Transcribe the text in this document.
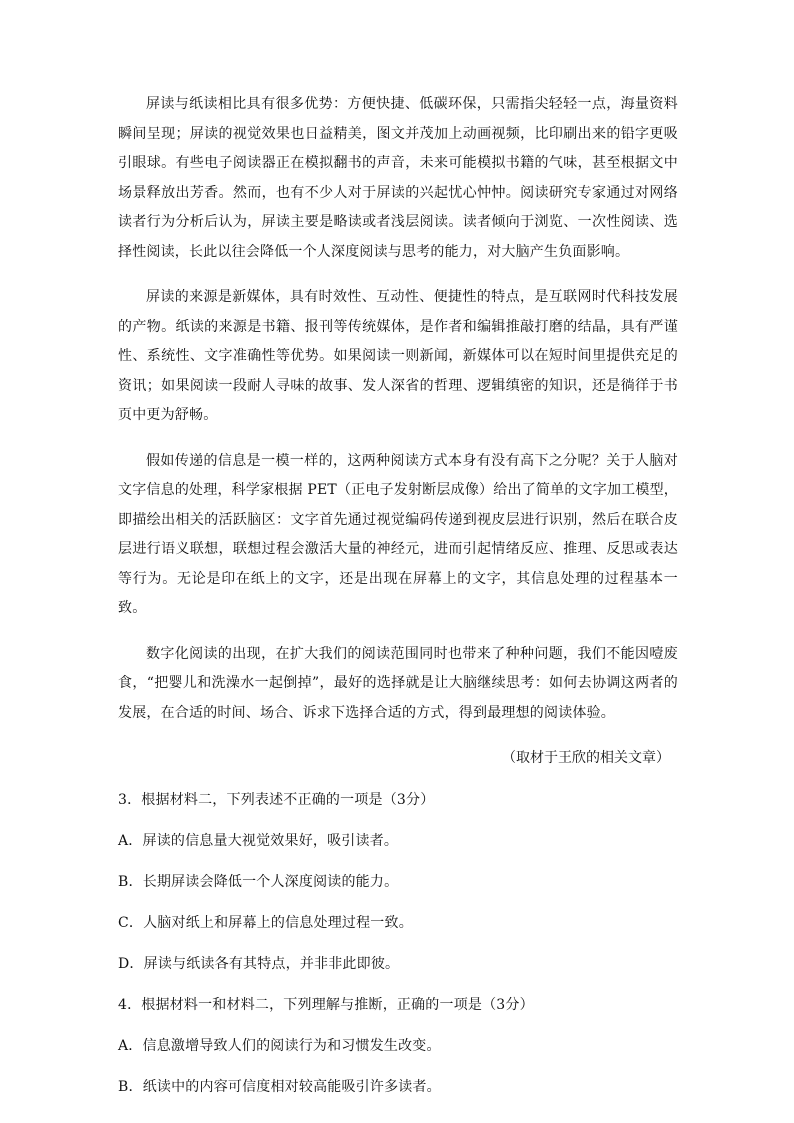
屏读与纸读相比具有很多优势：方便快捷、低碳环保，只需指尖轻轻一点，海量资料瞬间呈现；屏读的视觉效果也日益精美，图文并茂加上动画视频，比印刷出来的铅字更吸引眼球。有些电子阅读器正在模拟翻书的声音，未来可能模拟书籍的气味，甚至根据文中场景释放出芳香。然而，也有不少人对于屏读的兴起忧心忡忡。阅读研究专家通过对网络读者行为分析后认为，屏读主要是略读或者浅层阅读。读者倾向于浏览、一次性阅读、选择性阅读，长此以往会降低一个人深度阅读与思考的能力，对大脑产生负面影响。

屏读的来源是新媒体，具有时效性、互动性、便捷性的特点，是互联网时代科技发展的产物。纸读的来源是书籍、报刊等传统媒体，是作者和编辑推敲打磨的结晶，具有严谨性、系统性、文字准确性等优势。如果阅读一则新闻，新媒体可以在短时间里提供充足的资讯；如果阅读一段耐人寻味的故事、发人深省的哲理、逻辑缜密的知识，还是徜徉于书页中更为舒畅。

假如传递的信息是一模一样的，这两种阅读方式本身有没有高下之分呢？关于人脑对文字信息的处理，科学家根据 PET（正电子发射断层成像）给出了简单的文字加工模型，即描绘出相关的活跃脑区：文字首先通过视觉编码传递到视皮层进行识别，然后在联合皮层进行语义联想，联想过程会激活大量的神经元，进而引起情绪反应、推理、反思或表达等行为。无论是印在纸上的文字，还是出现在屏幕上的文字，其信息处理的过程基本一致。

数字化阅读的出现，在扩大我们的阅读范围同时也带来了种种问题，我们不能因噎废食，“把婴儿和洗澡水一起倒掉”，最好的选择就是让大脑继续思考：如何去协调这两者的发展，在合适的时间、场合、诉求下选择合适的方式，得到最理想的阅读体验。

（取材于王欣的相关文章）

3．根据材料二，下列表述不正确的一项是（3分）

A．屏读的信息量大视觉效果好，吸引读者。

B．长期屏读会降低一个人深度阅读的能力。

C．人脑对纸上和屏幕上的信息处理过程一致。

D．屏读与纸读各有其特点，并非非此即彼。

4．根据材料一和材料二，下列理解与推断，正确的一项是（3分）

A．信息激增导致人们的阅读行为和习惯发生改变。

B．纸读中的内容可信度相对较高能吸引许多读者。
